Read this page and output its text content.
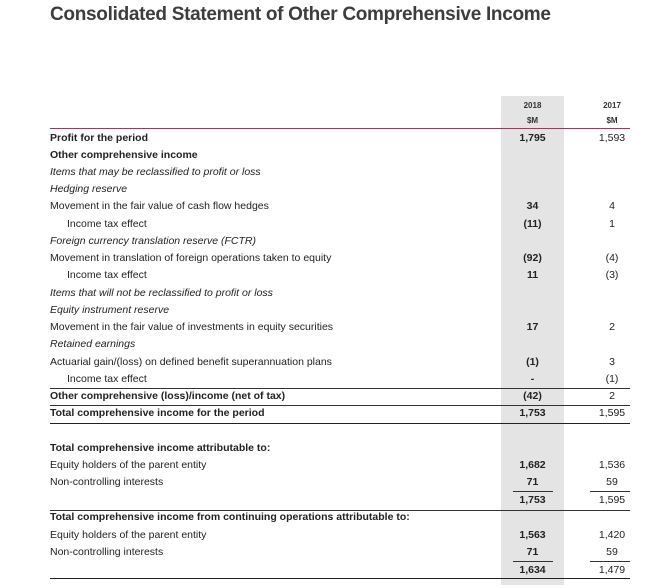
Consolidated Statement of Other Comprehensive Income
2018
$M
2017
$M
Profit for the period	1,795	1,593
Other comprehensive income
Items that may be reclassified to profit or loss
Hedging reserve
Movement in the fair value of cash flow hedges	34	4
Income tax effect	(11)	1
Foreign currency translation reserve (FCTR)
Movement in translation of foreign operations taken to equity	(92)	(4)
Income tax effect	11	(3)
Items that will not be reclassified to profit or loss
Equity instrument reserve
Movement in the fair value of investments in equity securities	17	2
Retained earnings
Actuarial gain/(loss) on defined benefit superannuation plans	(1)	3
Income tax effect	-	(1)
Other comprehensive (loss)/income (net of tax)	(42)	2
Total comprehensive income for the period	1,753	1,595
Total comprehensive income attributable to:
Equity holders of the parent entity	1,682	1,536
Non-controlling interests	71	59
1,753	1,595
Total comprehensive income from continuing operations attributable to:
Equity holders of the parent entity	1,563	1,420
Non-controlling interests	71	59
1,634	1,479
